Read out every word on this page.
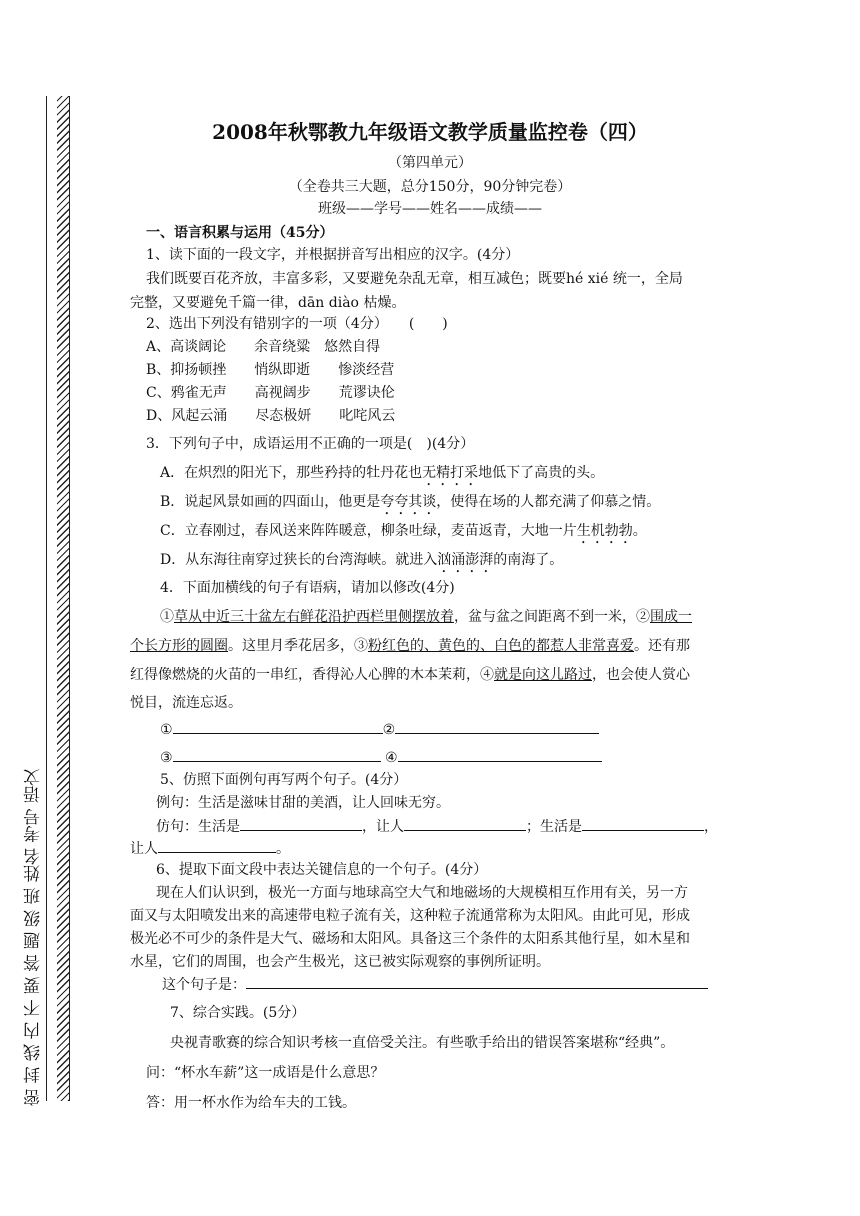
密 封 线 内 不 要 答 题 级 班 姓名 考号 语文
2008年秋鄂教九年级语文教学质量监控卷（四）
（第四单元）
（全卷共三大题，总分150分，90分钟完卷）
班级——学号——姓名——成绩——
一、语言积累与运用（45分）
1、读下面的一段文字，并根据拼音写出相应的汉字。(4分）
我们既要百花齐放，丰富多彩，又要避免杂乱无章，相互减色；既要hé xié 统一，全局
完整，又要避免千篇一律，dān diào 枯燥。
2、选出下列没有错别字的一项（4分）　　(　　)
A、高谈阔论　　余音绕粱　悠然自得
B、抑扬顿挫　　悄纵即逝　　惨淡经营
C、鸦雀无声　　高视阔步　　荒谬诀伦
D、风起云涌　　尽态极妍　　叱咤风云
3．下列句子中，成语运用不正确的一项是(　)(4分）
A．在炽烈的阳光下，那些矜持的牡丹花也无精打采地低下了高贵的头。
B．说起风景如画的四面山，他更是夸夸其谈，使得在场的人都充满了仰慕之情。
C．立春刚过，春风送来阵阵暖意，柳条吐绿，麦苗返青，大地一片生机勃勃。
D．从东海往南穿过狭长的台湾海峡。就进入汹涌澎湃的南海了。
4．下面加横线的句子有语病，请加以修改(4分)
①草从中近三十盆左右鲜花沿护西栏里侧摆放着，盆与盆之间距离不到一米，②围成一
个长方形的圆圈。这里月季花居多，③粉红色的、黄色的、白色的都惹人非常喜爱。还有那
红得像燃烧的火苗的一串红，香得沁人心脾的木本茉莉，④就是向这儿路过，也会使人赏心
悦目，流连忘返。
①	②
③	④
5、仿照下面例句再写两个句子。(4分）
例句：生活是滋味甘甜的美酒，让人回味无穷。
仿句：生活是	，让人	；生活是	，
让人	。
6、提取下面文段中表达关键信息的一个句子。(4分）
现在人们认识到，极光一方面与地球高空大气和地磁场的大规模相互作用有关，另一方
面又与太阳喷发出来的高速带电粒子流有关，这种粒子流通常称为太阳风。由此可见，形成
极光必不可少的条件是大气、磁场和太阳风。具备这三个条件的太阳系其他行星，如木星和
水星，它们的周围，也会产生极光，这已被实际观察的事例所证明。
这个句子是：
7、综合实践。(5分）
央视青歌赛的综合知识考核一直倍受关注。有些歌手给出的错误答案堪称“经典”。
问：“杯水车薪”这一成语是什么意思？
答：用一杯水作为给车夫的工钱。
